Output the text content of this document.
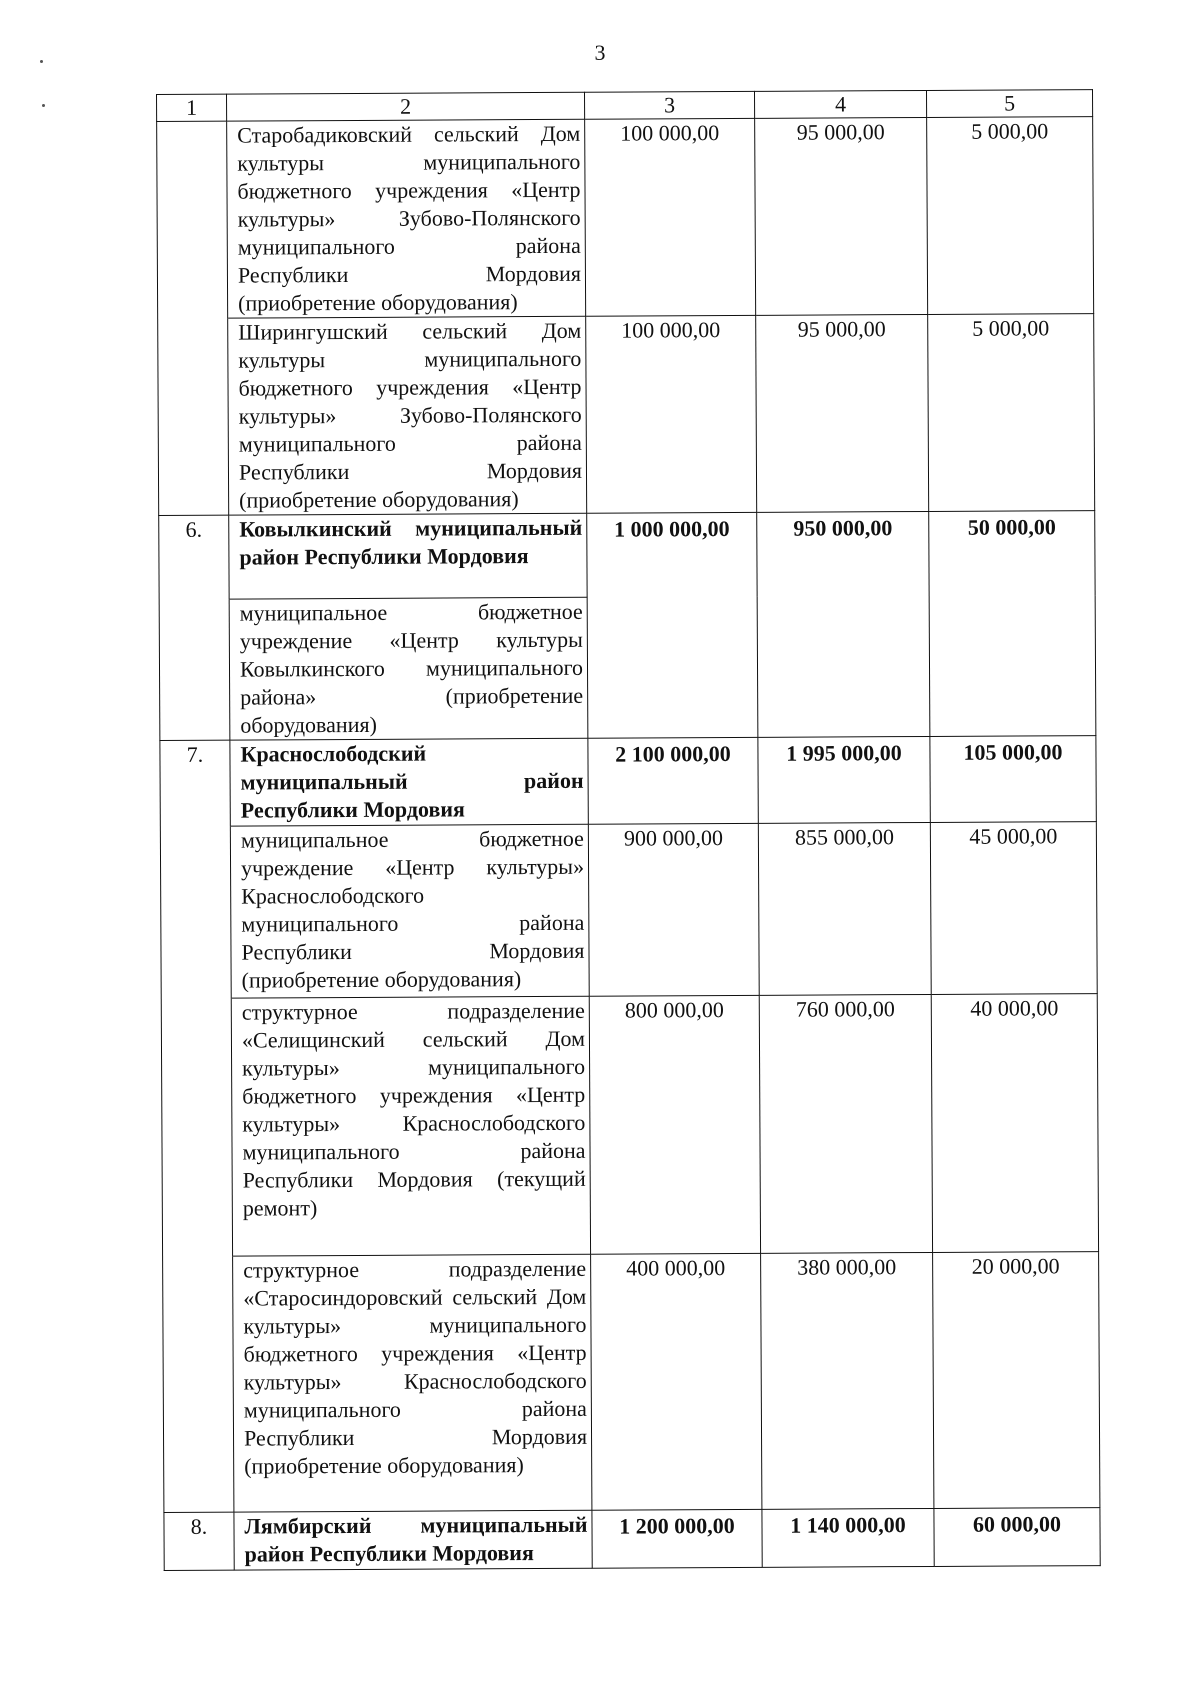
3
1	2	3	4	5
	Старобадиковский сельский Дом культуры муниципального бюджетного учреждения «Центр культуры» Зубово-Полянского муниципального района Республики Мордовия (приобретение оборудования)	100 000,00	95 000,00	5 000,00
	Ширингушский сельский Дом культуры муниципального бюджетного учреждения «Центр культуры» Зубово-Полянского муниципального района Республики Мордовия (приобретение оборудования)	100 000,00	95 000,00	5 000,00
6.	Ковылкинский муниципальный район Республики Мордовия	1 000 000,00	950 000,00	50 000,00
	муниципальное бюджетное учреждение «Центр культуры Ковылкинского муниципального района» (приобретение оборудования)			
7.	Краснослободский муниципальный район Республики Мордовия	2 100 000,00	1 995 000,00	105 000,00
	муниципальное бюджетное учреждение «Центр культуры» Краснослободского муниципального района Республики Мордовия (приобретение оборудования)	900 000,00	855 000,00	45 000,00
	структурное подразделение «Селищинский сельский Дом культуры» муниципального бюджетного учреждения «Центр культуры» Краснослободского муниципального района Республики Мордовия (текущий ремонт)	800 000,00	760 000,00	40 000,00
	структурное подразделение «Старосиндоровский сельский Дом культуры» муниципального бюджетного учреждения «Центр культуры» Краснослободского муниципального района Республики Мордовия (приобретение оборудования)	400 000,00	380 000,00	20 000,00
8.	Лямбирский муниципальный район Республики Мордовия	1 200 000,00	1 140 000,00	60 000,00
